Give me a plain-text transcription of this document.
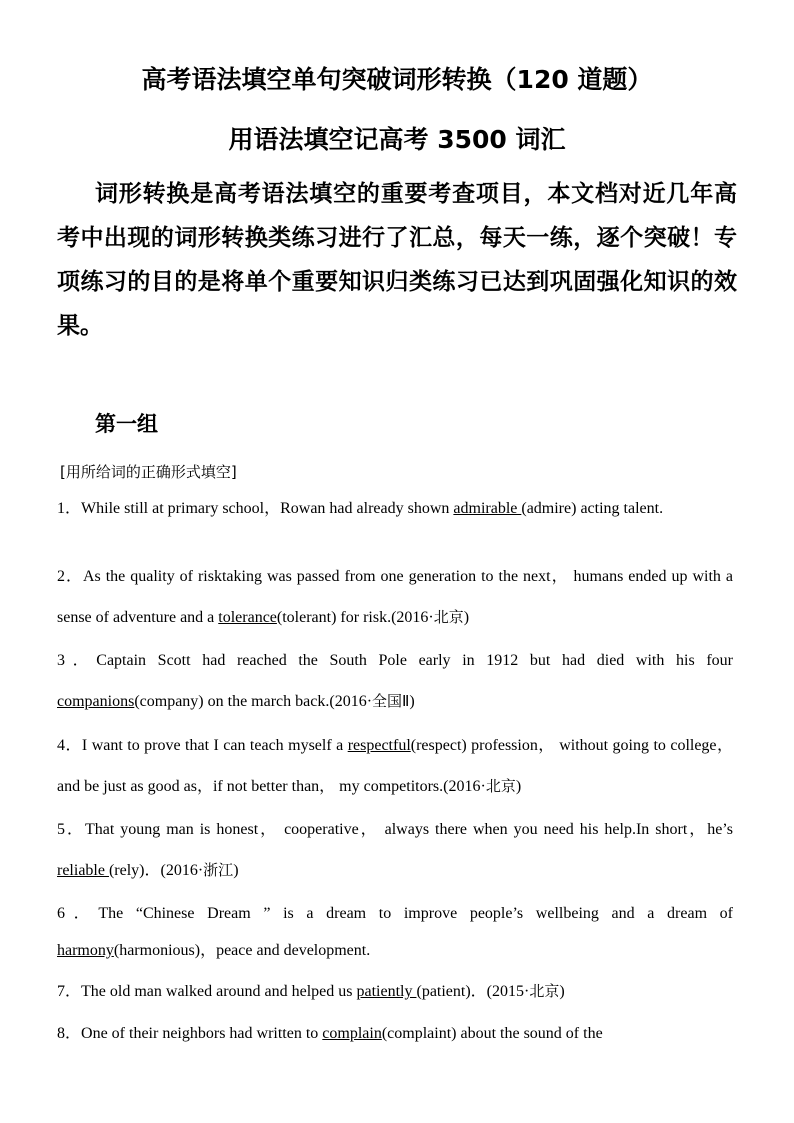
高考语法填空单句突破词形转换（120 道题）
用语法填空记高考 3500 词汇

词形转换是高考语法填空的重要考查项目，本文档对近几年高考中出现的词形转换类练习进行了汇总，每天一练，逐个突破！专项练习的目的是将单个重要知识归类练习已达到巩固强化知识的效果。

第一组

[用所给词的正确形式填空]

1．While still at primary school，Rowan had already shown admirable (admire) acting talent.

2．As the quality of risktaking was passed from one generation to the next， humans ended up with a sense of adventure and a tolerance(tolerant) for risk.(2016·北京)

3．Captain Scott had reached the South Pole early in 1912 but had died with his four companions(company) on the march back.(2016·全国Ⅱ)

4．I want to prove that I can teach myself a respectful(respect) profession， without going to college， and be just as good as，if not better than， my competitors.(2016·北京)

5．That young man is honest， cooperative， always there when you need his help.In short，he’s reliable (rely)．(2016·浙江)

6．The “Chinese Dream ” is a dream to improve people’s wellbeing and a dream of harmony(harmonious)，peace and development.

7．The old man walked around and helped us patiently (patient)．(2015·北京)

8．One of their neighbors had written to complain(complaint) about the sound of the
